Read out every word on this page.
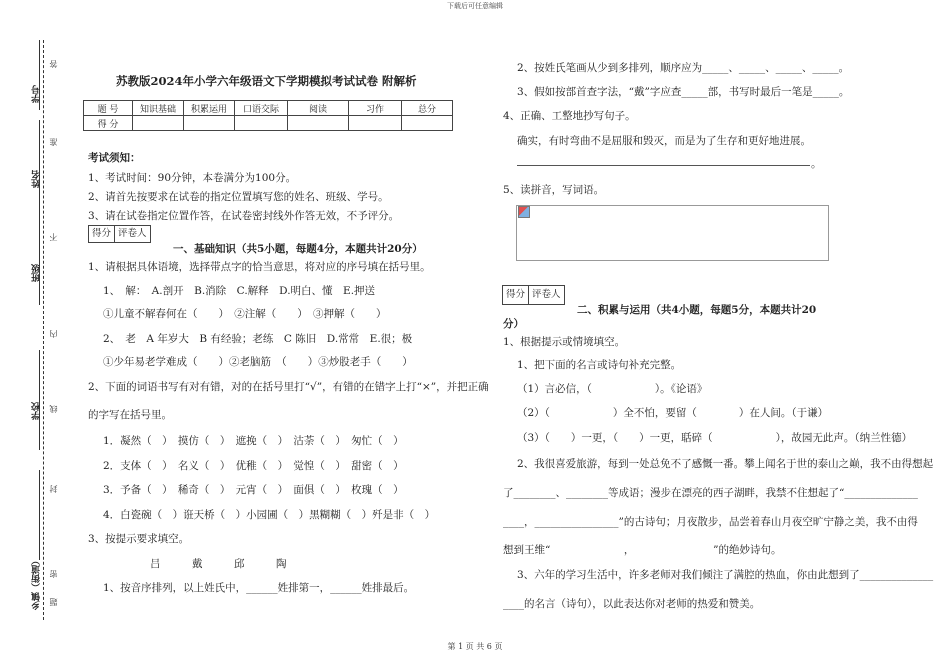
下载后可任意编辑
学号
姓名
班级
学校
乡镇（街道）
答
准
不
内
线
封
密
题
苏教版2024年小学六年级语文下学期模拟考试试卷 附解析
题 号	知识基础	积累运用	口语交际	阅读	习作	总分
得 分						
考试须知：
1、考试时间：90分钟，本卷满分为100分。
2、请首先按要求在试卷的指定位置填写您的姓名、班级、学号。
3、请在试卷指定位置作答，在试卷密封线外作答无效，不予评分。
得分 评卷人
一、基础知识（共5小题，每题4分，本题共计20分）
1、请根据具体语境，选择带点字的恰当意思，将对应的序号填在括号里。
1、　解：　A.剖开　B.消除　C.解释　D.明白、懂　E.押送
①儿童不解春何在（　　）　②注解（　　）　③押解（　　）
2、　老　A 年岁大　B 有经验；老练　C 陈旧　D.常常　E.很；极
①少年易老学难成（　　）②老脑筋　（　　）③炒股老手（　　）
2、下面的词语书写有对有错，对的在括号里打“√”，有错的在错字上打“×”，并把正确
的字写在括号里。
1．凝然（　）　摸仿（　）　遮挽（　）　沽荼（　）　匆忙（　）
2．支体（　）　名义（　）　优稚（　）　觉惶（　）　甜密（　）
3．予备（　）　稀奇（　）　元宵（　）　面俱（　）　枚瑰（　）
4．白瓷碗（　）诳天桥（　）小园圃（　）黑糊糊（　）歼是非（　）
3、按提示要求填空。
吕　　　戴　　　邱　　　陶
1、按音序排列，以上姓氏中，______姓排第一，______姓排最后。
2、按姓氏笔画从少到多排列，顺序应为_____、_____、_____、_____。
3、假如按部首查字法，“戴”字应查_____部，书写时最后一笔是_____。
4、正确、工整地抄写句子。
确实，有时弯曲不是屈服和毁灭，而是为了生存和更好地进展。
。
5、读拼音，写词语。
得分 评卷人
二、积累与运用（共4小题，每题5分，本题共计20
分）
1、根据提示或情境填空。
1、把下面的名言或诗句补充完整。
（1）言必信，（　　　　　　）。《论语》
（2）（　　　　　　）全不怕，要留（　　　　）在人间。（于谦）
（3）（　　）一更，（　　）一更，聒碎（　　　　　　），故园无此声。（纳兰性德）
2、我很喜爱旅游，每到一处总免不了感慨一番。攀上闻名于世的泰山之巅，我不由得想起
了________、________等成语；漫步在漂亮的西子湖畔，我禁不住想起了“______________
____，________________”的古诗句；月夜散步，品尝着春山月夜空旷宁静之美，我不由得
想到王维“　　　　　　　，　　　　　　　　”的绝妙诗句。
3、六年的学习生活中，许多老师对我们倾注了满腔的热血，你由此想到了______________
____的名言（诗句），以此表达你对老师的热爱和赞美。
第 1 页 共 6 页
